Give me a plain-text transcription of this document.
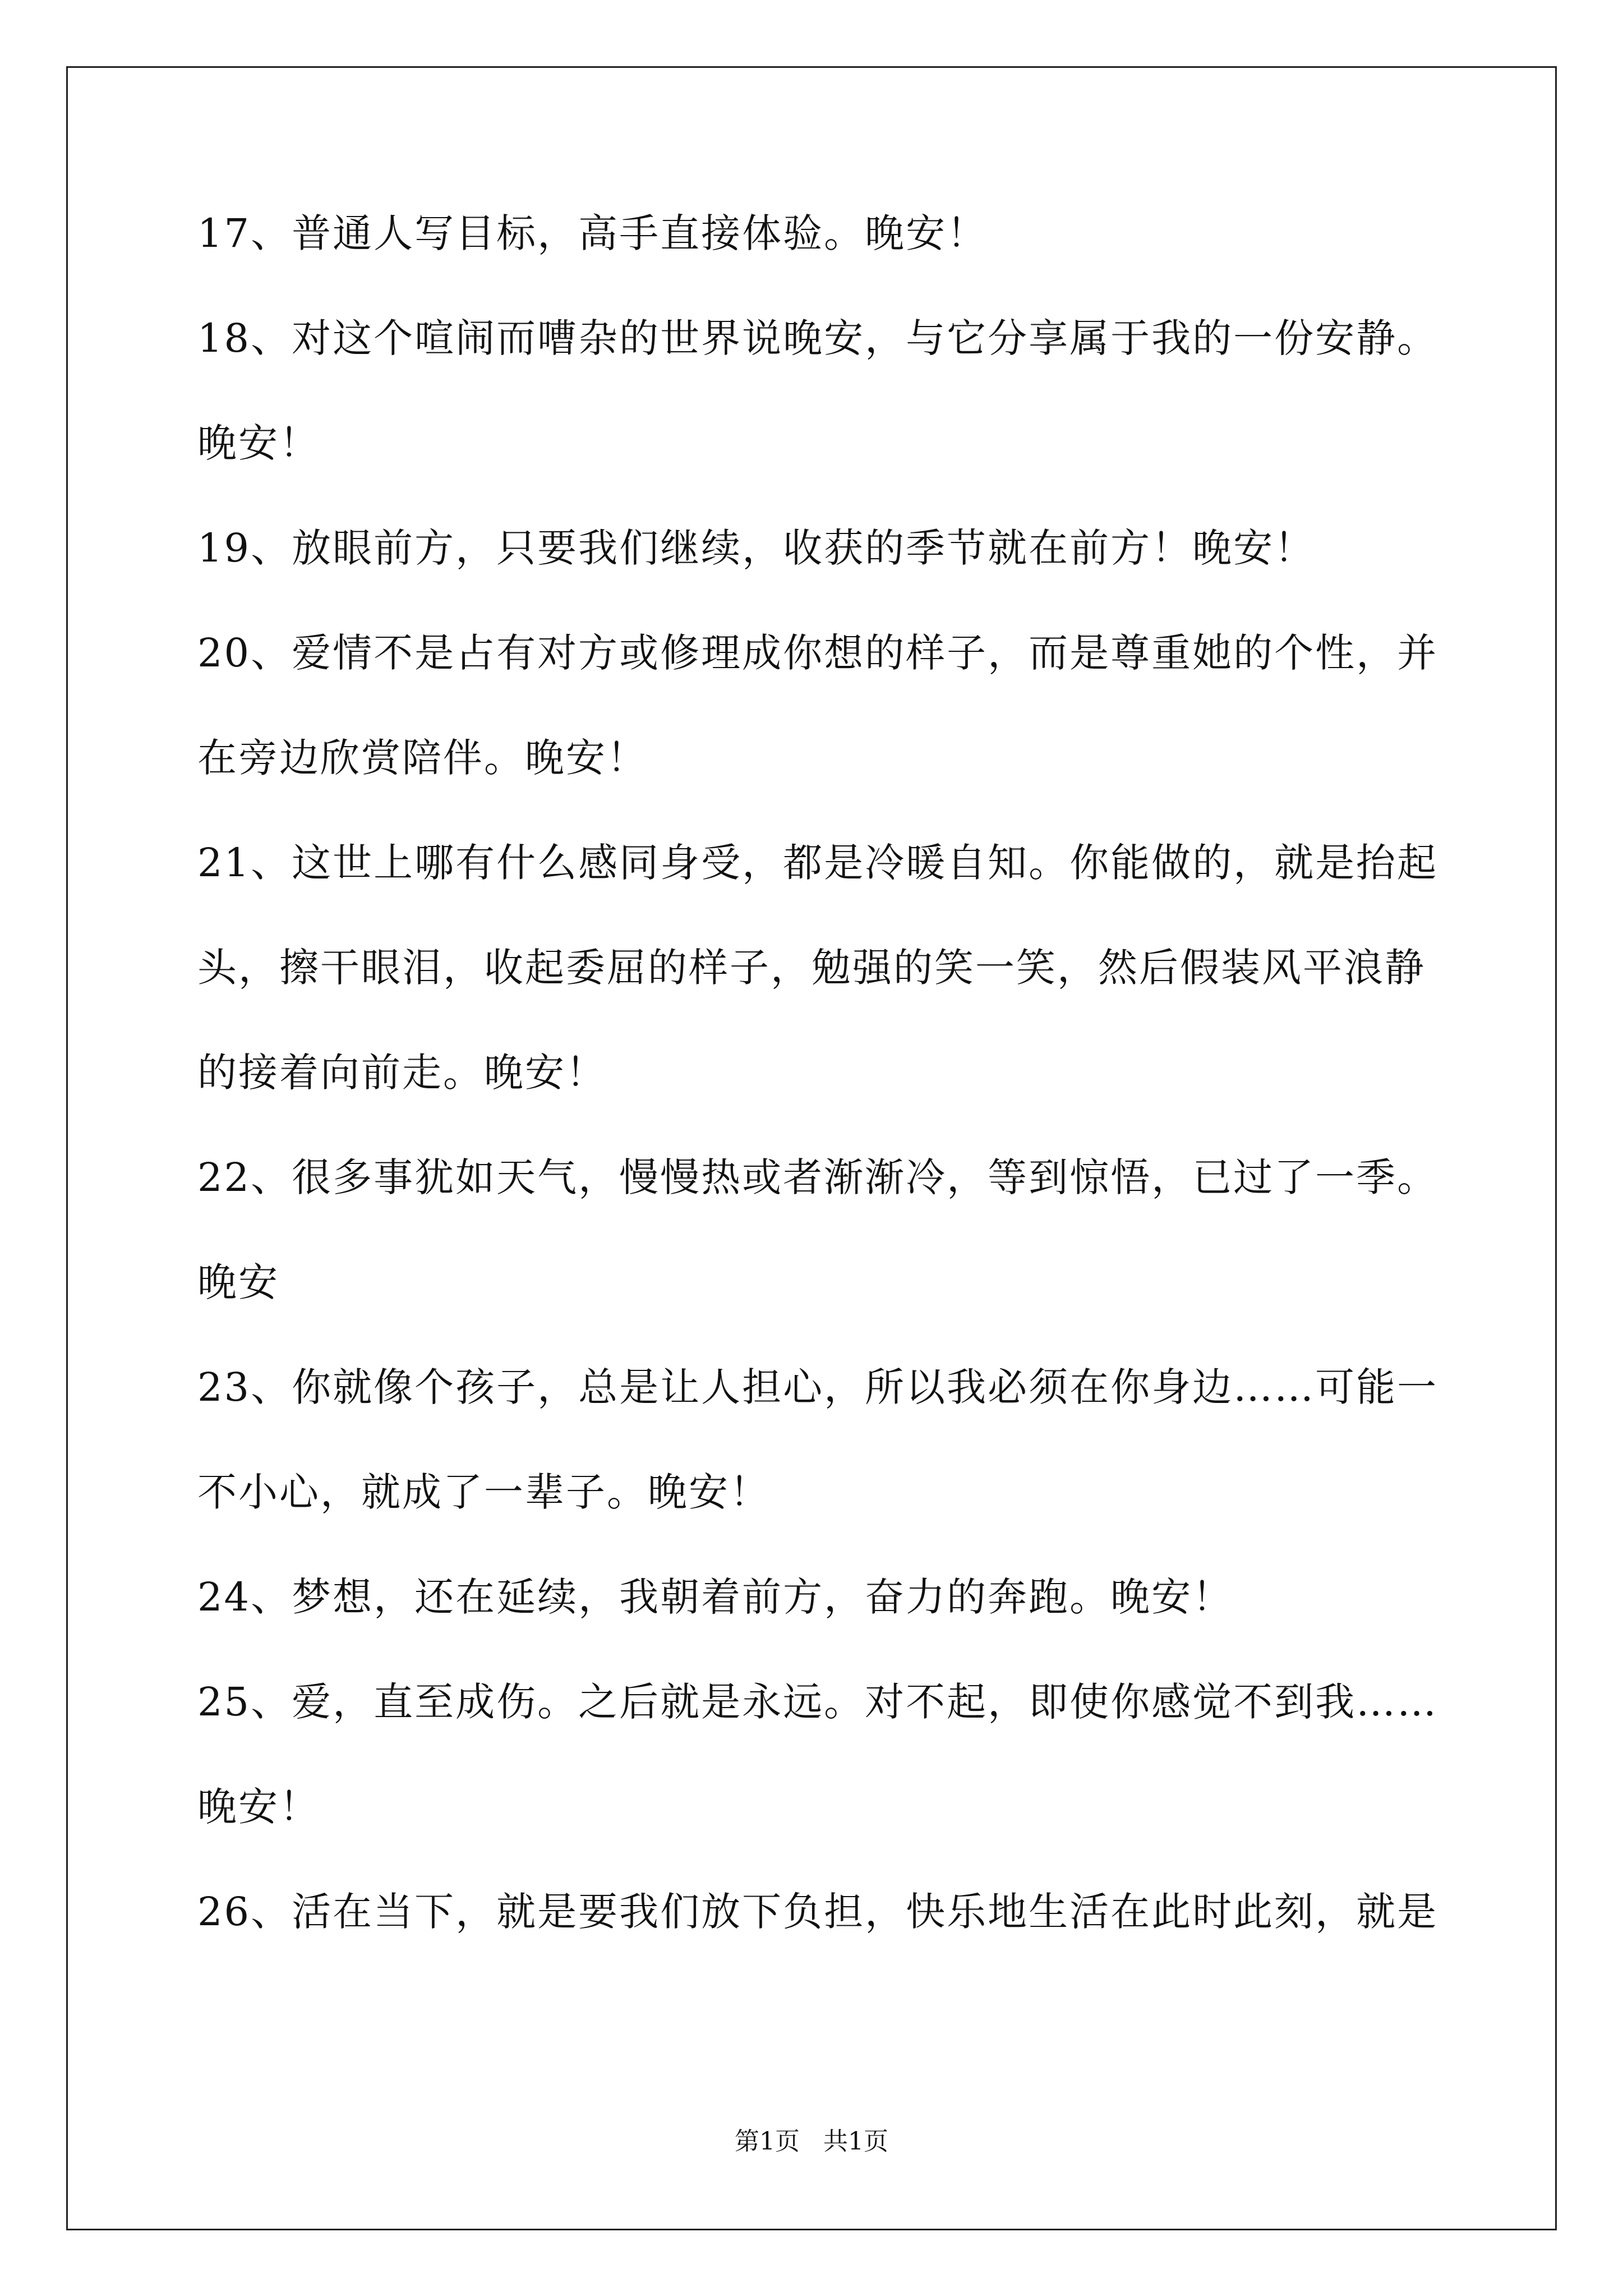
17、普通人写目标，高手直接体验。晚安！
18、对这个喧闹而嘈杂的世界说晚安，与它分享属于我的一份安静。
晚安！
19、放眼前方，只要我们继续，收获的季节就在前方！晚安！
20、爱情不是占有对方或修理成你想的样子，而是尊重她的个性，并
在旁边欣赏陪伴。晚安！
21、这世上哪有什么感同身受，都是冷暖自知。你能做的，就是抬起
头，擦干眼泪，收起委屈的样子，勉强的笑一笑，然后假装风平浪静
的接着向前走。晚安！
22、很多事犹如天气，慢慢热或者渐渐冷，等到惊悟，已过了一季。
晚安
23、你就像个孩子，总是让人担心，所以我必须在你身边……可能一
不小心，就成了一辈子。晚安！
24、梦想，还在延续，我朝着前方，奋力的奔跑。晚安！
25、爱，直至成伤。之后就是永远。对不起，即使你感觉不到我……
晚安！
26、活在当下，就是要我们放下负担，快乐地生活在此时此刻，就是
第1页   共1页
